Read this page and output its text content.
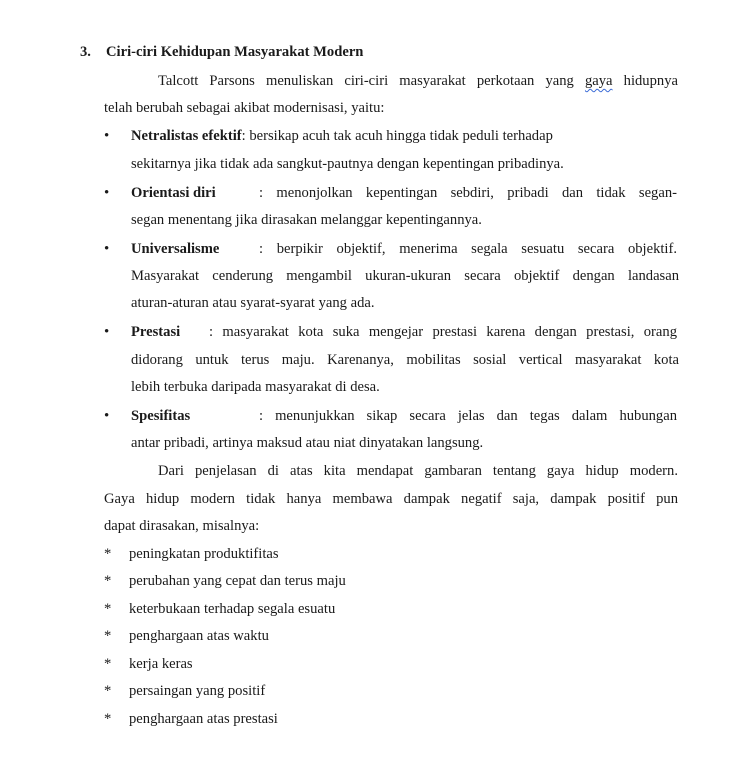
3. Ciri-ciri Kehidupan Masyarakat Modern
Talcott Parsons menuliskan ciri-ciri masyarakat perkotaan yang gaya hidupnya
telah berubah sebagai akibat modernisasi, yaitu:
• Netralistas efektif: bersikap acuh tak acuh hingga tidak peduli terhadap
sekitarnya jika tidak ada sangkut-pautnya dengan kepentingan pribadinya.
• Orientasi diri	: menonjolkan kepentingan sebdiri, pribadi dan tidak segan-
segan menentang jika dirasakan melanggar kepentingannya.
• Universalisme	: berpikir objektif, menerima segala sesuatu secara objektif.
Masyarakat cenderung mengambil ukuran-ukuran secara objektif dengan landasan
aturan-aturan atau syarat-syarat yang ada.
• Prestasi : masyarakat kota suka mengejar prestasi karena dengan prestasi, orang
didorang untuk terus maju. Karenanya, mobilitas sosial vertical masyarakat kota
lebih terbuka daripada masyarakat di desa.
• Spesifitas	: menunjukkan sikap secara jelas dan tegas dalam hubungan
antar pribadi, artinya maksud atau niat dinyatakan langsung.
Dari penjelasan di atas kita mendapat gambaran tentang gaya hidup modern.
Gaya hidup modern tidak hanya membawa dampak negatif saja, dampak positif pun
dapat dirasakan, misalnya:
* peningkatan produktifitas
* perubahan yang cepat dan terus maju
* keterbukaan terhadap segala esuatu
* penghargaan atas waktu
* kerja keras
* persaingan yang positif
* penghargaan atas prestasi
